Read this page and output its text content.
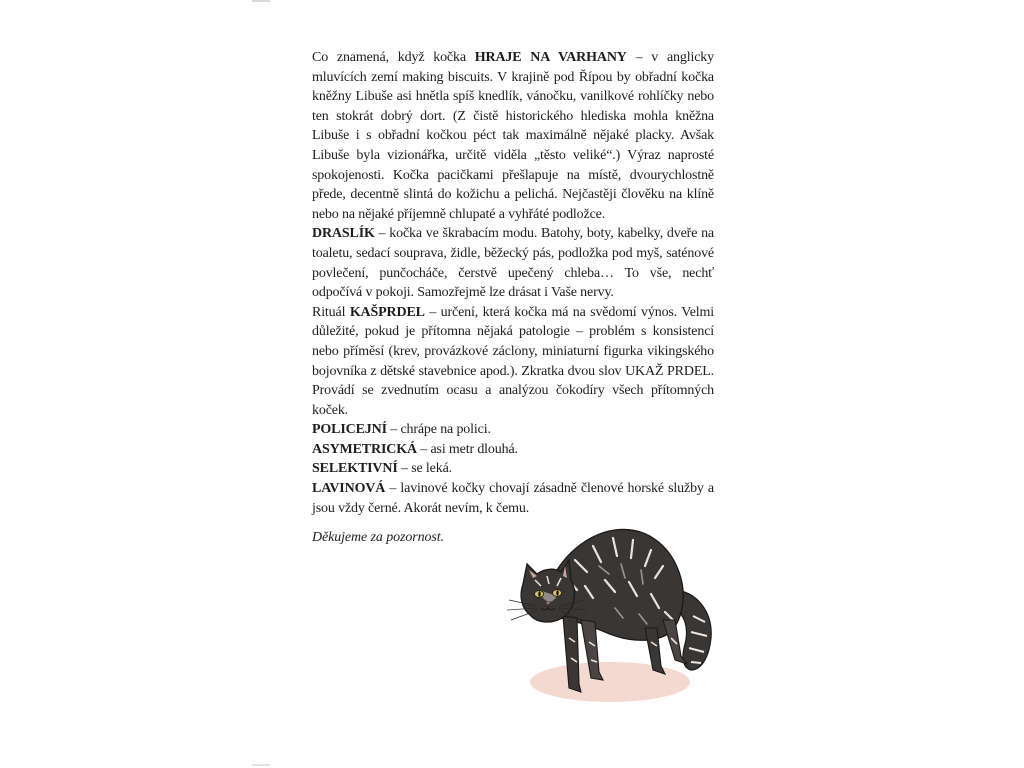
Co znamená, když kočka HRAJE NA VARHANY – v anglicky mluvících zemí making biscuits. V krajině pod Řípou by obřadní kočka kněžny Libuše asi hnětla spíš knedlík, vánočku, vanilkové rohlíčky nebo ten stokrát dobrý dort. (Z čistě historického hlediska mohla kněžna Libuše i s obřadní kočkou péct tak maximálně nějaké placky. Avšak Libuše byla vizionářka, určitě viděla „těsto veliké“.) Výraz naprosté spokojenosti. Kočka pacičkami přešlapuje na místě, dvourychlostně přede, decentně slintá do kožichu a pelichá. Nejčastěji člověku na klíně nebo na nějaké příjemně chlupaté a vyhřáté podložce.

DRASLÍK – kočka ve škrabacím modu. Batohy, boty, kabelky, dveře na toaletu, sedací souprava, židle, běžecký pás, podložka pod myš, saténové povlečení, punčocháče, čerstvě upečený chleba… To vše, nechť odpočívá v pokoji. Samozřejmě lze drásat i Vaše nervy.

Rituál KAŠPRDEL – určení, která kočka má na svědomí výnos. Velmi důležité, pokud je přítomna nějaká patologie – problém s konsistencí nebo příměsí (krev, provázkové záclony, miniaturní figurka vikingského bojovníka z dětské stavebnice apod.). Zkratka dvou slov UKAŽ PRDEL. Provádí se zvednutím ocasu a analýzou čokodíry všech přítomných koček.

POLICEJNÍ – chrápe na polici.

ASYMETRICKÁ – asi metr dlouhá.

SELEKTIVNÍ – se leká.

LAVINOVÁ – lavinové kočky chovají zásadně členové horské služby a jsou vždy černé. Akorát nevím, k čemu.

Děkujeme za pozornost.
